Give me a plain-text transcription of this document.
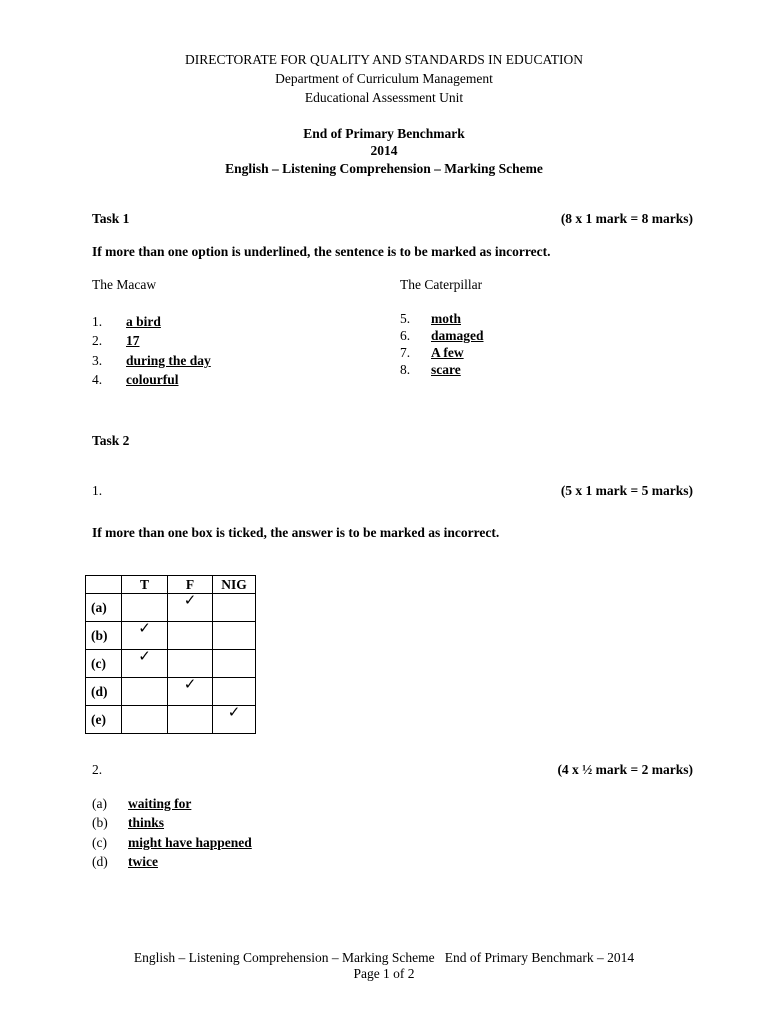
DIRECTORATE FOR QUALITY AND STANDARDS IN EDUCATION
Department of Curriculum Management
Educational Assessment Unit
End of Primary Benchmark
2014
English – Listening Comprehension – Marking Scheme
Task 1	(8 x 1 mark = 8 marks)
If more than one option is underlined, the sentence is to be marked as incorrect.
The Macaw	The Caterpillar
1. a bird
2. 17
3. during the day
4. colourful
5. moth
6. damaged
7. A few
8. scare
Task 2
1.	(5 x 1 mark = 5 marks)
If more than one box is ticked, the answer is to be marked as incorrect.
	T	F	NIG
(a)		✓	

(b)	✓		

(c)	✓		

(d)		✓	

(e)			✓
2.	(4 x ½ mark = 2 marks)
(a) waiting for
(b) thinks
(c) might have happened
(d) twice
English – Listening Comprehension – Marking Scheme   End of Primary Benchmark – 2014
Page 1 of 2
